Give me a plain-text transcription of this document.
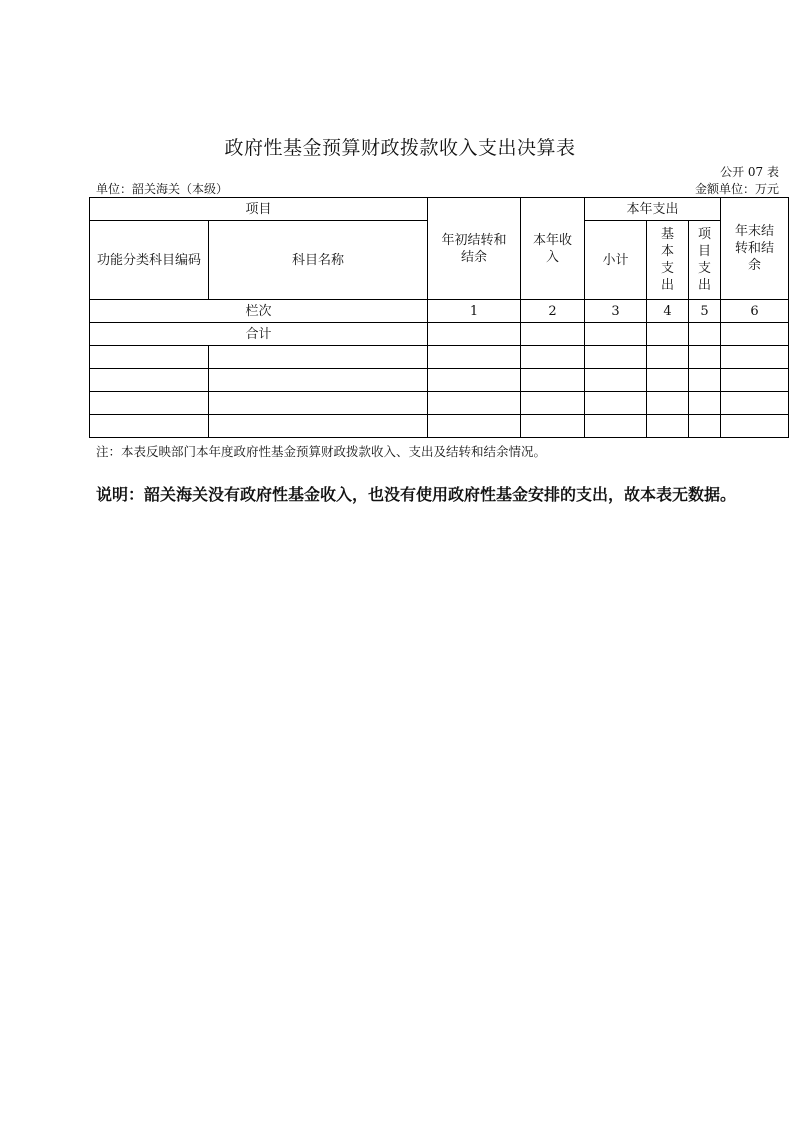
政府性基金预算财政拨款收入支出决算表
公开 07 表
单位：韶关海关（本级）	金额单位：万元
项目		年初结转和结余	本年收入	本年支出			年末结转和结余
功能分类科目编码	科目名称			小计	基本支出	项目支出	
栏次		1	2	3	4	5	6
合计							

注：本表反映部门本年度政府性基金预算财政拨款收入、支出及结转和结余情况。
说明：韶关海关没有政府性基金收入，也没有使用政府性基金安排的支出，故本表无数据。
